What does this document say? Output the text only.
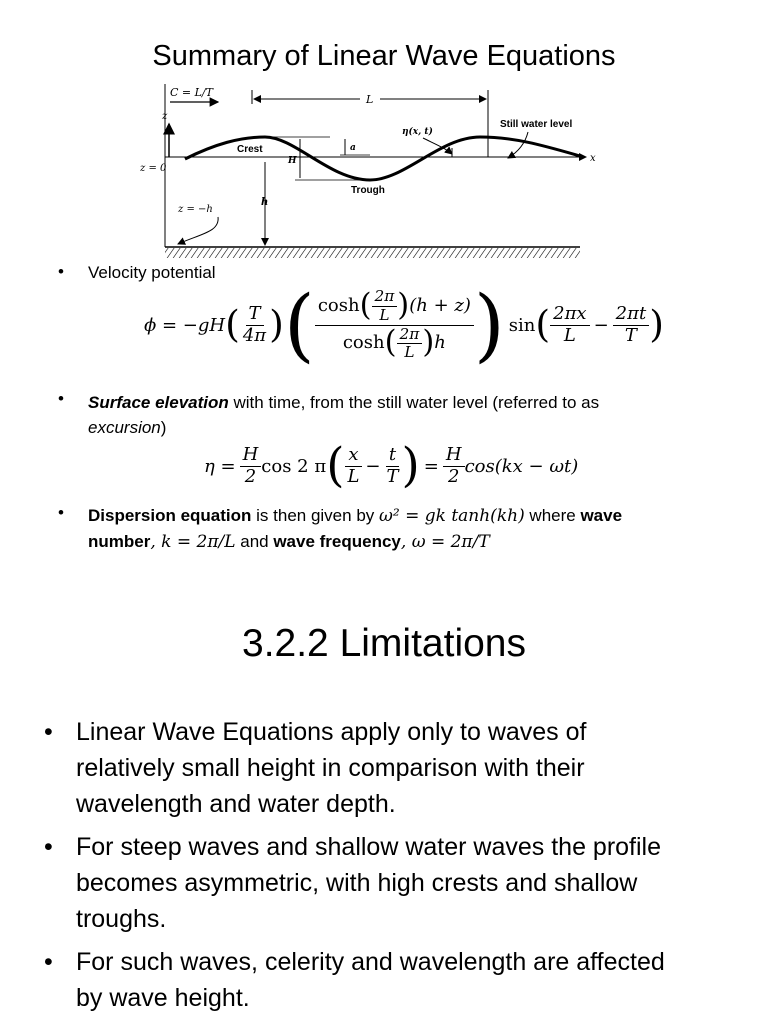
Summary of Linear Wave Equations
C = L/T
L
z
x
z = 0
Crest
H
a
η(x, t)
Still water level
Trough
h
z = −h
• Velocity potential
ϕ = −gH ( $\frac{T}{4\pi}$ ) ( $\frac{\cosh ( \frac{2\pi}{L} ) (h + z)}{\cosh ( \frac{2\pi}{L} ) h}$ ) sin ( $\frac{2\pi x}{L} - \frac{2\pi t}{T}$ )
• Surface elevation with time, from the still water level (referred to as
excursion)
$\eta = \frac{H}{2}$ cos 2 π ( $\frac{x}{L} - \frac{t}{T}$ ) = $\frac{H}{2} \cos(kx - \omega t)$
• Dispersion equation is then given by ω² = gk tanh(kh) where wave
number, k = 2π/L and wave frequency, ω = 2π/T
3.2.2 Limitations
• Linear Wave Equations apply only to waves of
relatively small height in comparison with their
wavelength and water depth.
• For steep waves and shallow water waves the profile
becomes asymmetric, with high crests and shallow
troughs.
• For such waves, celerity and wavelength are affected
by wave height.
